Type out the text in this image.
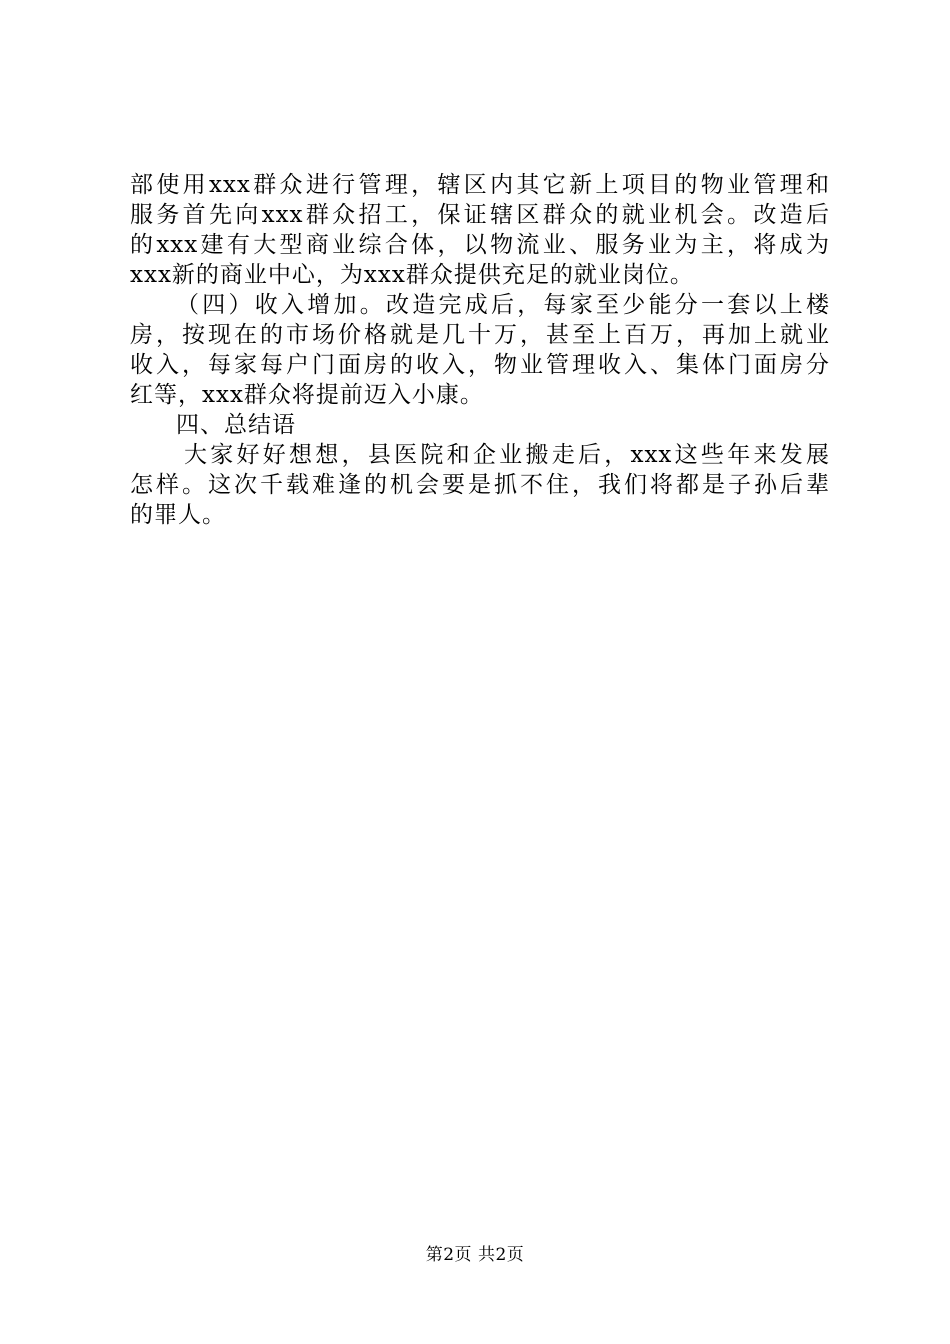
部使用xxx群众进行管理，辖区内其它新上项目的物业管理和
服务首先向xxx群众招工，保证辖区群众的就业机会。改造后
的xxx建有大型商业综合体，以物流业、服务业为主，将成为
xxx新的商业中心，为xxx群众提供充足的就业岗位。
（四）收入增加。改造完成后，每家至少能分一套以上楼
房，按现在的市场价格就是几十万，甚至上百万，再加上就业
收入，每家每户门面房的收入，物业管理收入、集体门面房分
红等，xxx群众将提前迈入小康。
四、总结语
大家好好想想，县医院和企业搬走后，xxx这些年来发展
怎样。这次千载难逢的机会要是抓不住，我们将都是子孙后辈
的罪人。
第2页 共2页
